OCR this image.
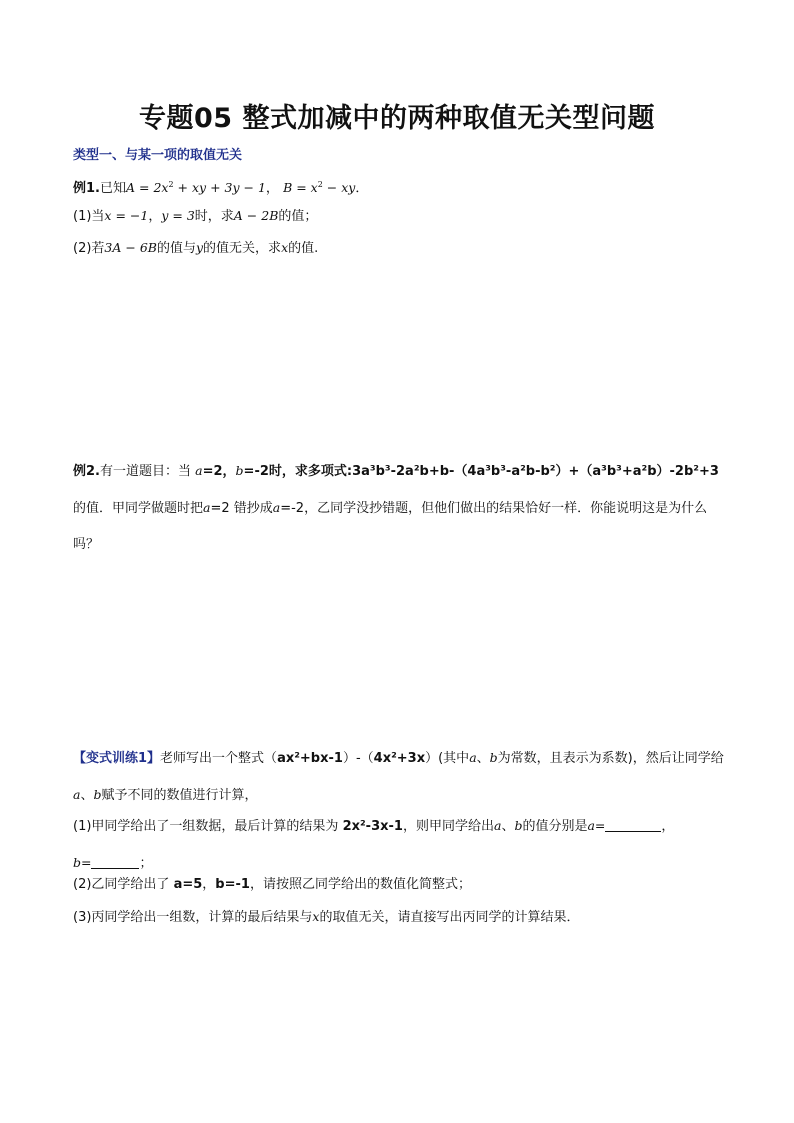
专题05 整式加减中的两种取值无关型问题
类型一、与某一项的取值无关
例1.已知$A = 2x^2$ + xy + 3y − 1， $B = x^2$ − xy．
(1)当x = −1，y = 3时，求A − 2B的值；
(2)若3A − 6B的值与y的值无关，求x的值.
例2.有一道题目：当 a=2，b=-2时，求多项式:3a³b³-2a²b+b-（4a³b³-a²b-b²）+（a³b³+a²b）-2b²+3的值．甲同学做题时把a=2 错抄成a=-2，乙同学没抄错题，但他们做出的结果恰好一样．你能说明这是为什么吗？
【变式训练1】老师写出一个整式（ax²+bx-1）-（4x²+3x）(其中a、b为常数，且表示为系数)，然后让同学给a、b赋予不同的数值进行计算，
(1)甲同学给出了一组数据，最后计算的结果为 2x²-3x-1，则甲同学给出a、b的值分别是a=	，
b=	；
(2)乙同学给出了 a=5，b=-1，请按照乙同学给出的数值化简整式；
(3)丙同学给出一组数，计算的最后结果与x的取值无关，请直接写出丙同学的计算结果．
